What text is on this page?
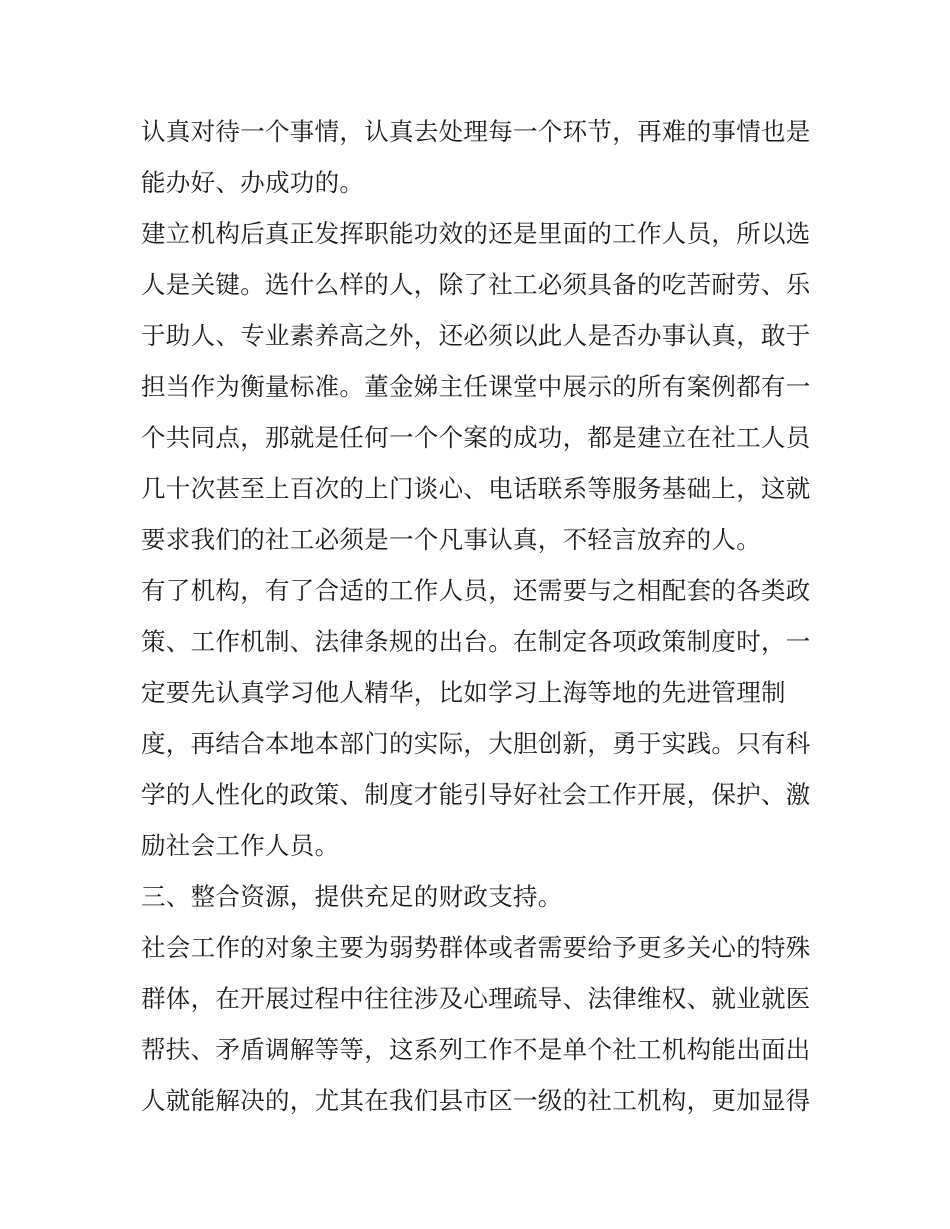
认真对待一个事情，认真去处理每一个环节，再难的事情也是
能办好、办成功的。
建立机构后真正发挥职能功效的还是里面的工作人员，所以选
人是关键。选什么样的人，除了社工必须具备的吃苦耐劳、乐
于助人、专业素养高之外，还必须以此人是否办事认真，敢于
担当作为衡量标准。董金娣主任课堂中展示的所有案例都有一
个共同点，那就是任何一个个案的成功，都是建立在社工人员
几十次甚至上百次的上门谈心、电话联系等服务基础上，这就
要求我们的社工必须是一个凡事认真，不轻言放弃的人。
有了机构，有了合适的工作人员，还需要与之相配套的各类政
策、工作机制、法律条规的出台。在制定各项政策制度时，一
定要先认真学习他人精华，比如学习上海等地的先进管理制
度，再结合本地本部门的实际，大胆创新，勇于实践。只有科
学的人性化的政策、制度才能引导好社会工作开展，保护、激
励社会工作人员。
三、整合资源，提供充足的财政支持。
社会工作的对象主要为弱势群体或者需要给予更多关心的特殊
群体，在开展过程中往往涉及心理疏导、法律维权、就业就医
帮扶、矛盾调解等等，这系列工作不是单个社工机构能出面出
人就能解决的，尤其在我们县市区一级的社工机构，更加显得
